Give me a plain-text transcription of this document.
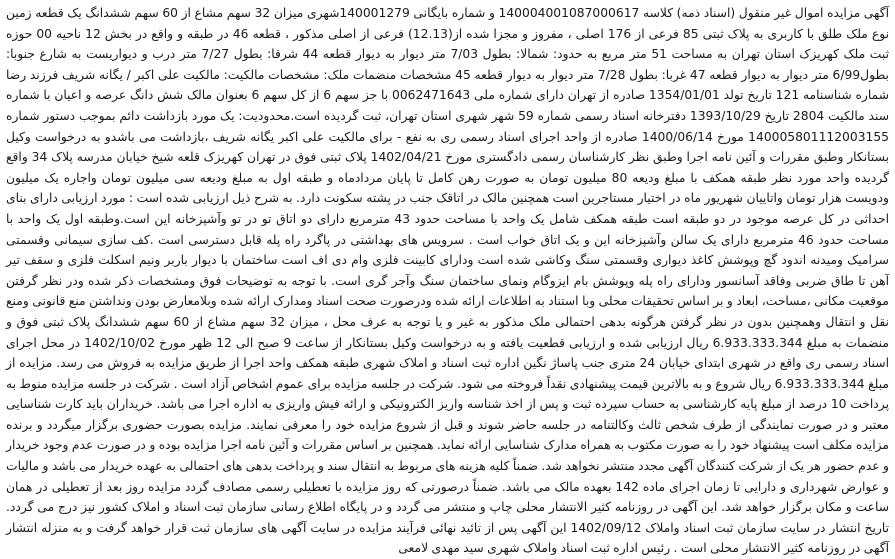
آگهی مزایده اموال غیر منقول (اسناد ذمه) کلاسه 140004001087000617 و شماره بایگانی 140001279شهری میزان 32 سهم مشاع از 60 سهم ششدانگ یک قطعه زمین نوع ملک طلق با کاربری به پلاک ثبتی 85 فرعی از 176 اصلی ، مفروز و مجزا شده از(12.13) فرعی از اصلی مذکور ، قطعه 46 در طبقه و واقع در بخش 12 ناحیه 00 حوزه ثبت ملک کهریزک استان تهران به مساحت 51 متر مربع به حدود: شمالا: بطول 7/03 متر دیوار به دیوار قطعه 44 شرقا: بطول 7/27 متر درب و دیواریست به شارع جنوبا: بطول6/99 متر دیوار به دیوار قطعه 47 غربا: بطول 7/28 متر دیوار به دیوار قطعه 45 مشخصات منضمات ملک: مشخصات مالکیت: مالکیت علی اکبر / یگانه شریف فرزند رضا شماره شناسنامه 121 تاریخ تولد 1354/01/01 صادره از تهران دارای شماره ملی 0062471643 با جز سهم 6 از کل سهم 6 بعنوان مالک شش دانگ عرصه و اعیان با شماره سند مالکیت 2804 تاریخ 1393/10/29 دفترخانه اسناد رسمی شماره 59 شهر شهری استان تهران، ثبت گردیده است.محدودیت: یک مورد بازداشت دائم بموجب دستور شماره 140005801112003155 مورخ 1400/06/14 صادره از واحد اجرای اسناد رسمی ری به نفع - برای مالکیت علی اکبر یگانه شریف ،بازداشت می باشدو به درخواست وکیل بستانکار وطبق مقررات و آئین نامه اجرا وطبق نظر کارشناسان رسمی دادگستری مورخ 1402/04/21 پلاک ثبتی فوق در تهران کهریزک قلعه شیخ خیابان مدرسه پلاک 34 واقع گردیده واحد مورد نظر طبقه همکف با مبلغ ودیعه 80 میلیون تومان به صورت رهن کامل تا پایان مردادماه و طبقه اول به مبلغ ودیعه سی میلیون تومان واجاره یک میلیون ودویست هزار تومان واتاییان شهریور ماه در اختیار مستاجرین است همچنین مالک در اتاقک جنب در پشته سکونت دارد. به شرح ذیل ارزیابی شده است : مورد ارزیابی دارای بنای احداثی در کل عرصه موجود در دو طبقه است طبقه همکف شامل یک واحد با مساحت حدود 43 مترمربع دارای دو اتاق تو در تو وآشپزخانه این است.وطبقه اول یک واحد با مساحت حدود 46 مترمربع دارای یک سالن وآشپزخانه این و یک اتاق خواب است . سرویس های بهداشتی در پاگرد راه پله قابل دسترسی است .کف سازی سیمانی وقسمتی سرامیک ومیدنه اندود گچ وپوشش کاغذ دیواری وقسمتی سنگ وکاشی شده است ودارای کابینت فلزی وام دی اف است ساختمان با دیوار باربر ونیم اسکلت فلزی و سقف تیر آهن تا طاق ضربی وفاقد آسانسور ودارای راه پله وپوشش بام ایزوگام ونمای ساختمان سنگ وآجر گری است. با توجه به توضیحات فوق ومشخصات ذکر شده ودر نظر گرفتن موقعیت مکانی ،مساحت، ابعاد و بر اساس تحقیقات محلی وبا استناد به اطلاعات ارائه شده ودرصورت صحت اسناد ومدارک ارائه شده وبلامعارض بودن ونداشتن منع قانونی ومنع نقل و انتقال وهمچنین بدون در نظر گرفتن هرگونه بدهی احتمالی ملک مذکور به غیر و یا توجه به عرف محل ، میزان 32 سهم مشاع از 60 سهم ششدانگ پلاک ثبتی فوق و منضمات به مبلغ 6.933.333.344 ریال ارزیابی شده و ارزیابی قطعیت یافته و به درخواست وکیل بستانکار از ساعت 9 صبح الی 12 ظهر مورخ 1402/10/02 در محل اجرای اسناد رسمی ری واقع در شهری ابتدای خیابان 24 متری جنب پاساژ نگین اداره ثبت اسناد و املاک شهری طبقه همکف واحد اجرا از طریق مزایده به فروش می رسد. مزایده از مبلغ 6.933.333.344 ریال شروع و به بالاترین قیمت پیشنهادی نقداً فروخته می شود. شرکت در جلسه مزایده برای عموم اشخاص آزاد است . شرکت در جلسه مزایده منوط به پرداخت 10 درصد از مبلغ پایه کارشناسی به حساب سپرده ثبت و پس از اخذ شناسه واریز الکترونیکی و ارائه فیش واریزی به اداره اجرا می باشد. خریداران باید کارت شناسایی معتبر و در صورت نمایندگی از طرف شخص ثالث وکالتنامه در جلسه حاضر شوند و قبل از شروع مزایده خود را معرفی نمایند. مزایده بصورت حضوری برگزار میگردد و برنده مزایده مکلف است پیشنهاد خود را به صورت مکتوب به همراه مدارک شناسایی ارائه نماید. همچنین بر اساس مقررات و آئین نامه اجرا مزایده بوده و در صورت عدم وجود خریدار و عدم حضور هر یک از شرکت کنندگان آگهی مجدد منتشر نخواهد شد. ضمناً کلیه هزینه های مربوط به انتقال سند و پرداخت بدهی های احتمالی به عهده خریدار می باشد و مالیات و عوارض شهرداری و دارایی تا زمان اجرای ماده 142 بعهده مالک می باشد. ضمناً درصورتی که روز مزایده با تعطیلی رسمی مصادف گردد مزایده روز بعد از تعطیلی در همان ساعت و مکان برگزار خواهد شد. این آگهی در روزنامه کثیر الانتشار محلی چاپ و منتشر می گردد و در پایگاه اطلاع رسانی سازمان ثبت اسناد و املاک کشور نیز درج می گردد. تاریخ انتشار در سایت سازمان ثبت اسناد واملاک 1402/09/12 این آگهی پس از تائید نهائی فرآیند مزایده در سایت آگهی های سازمان ثبت قرار خواهد گرفت و به منزله انتشار آگهی در روزنامه کثیر الانتشار محلی است . رئیس اداره ثبت اسناد واملاک شهری سید مهدی لامعی
